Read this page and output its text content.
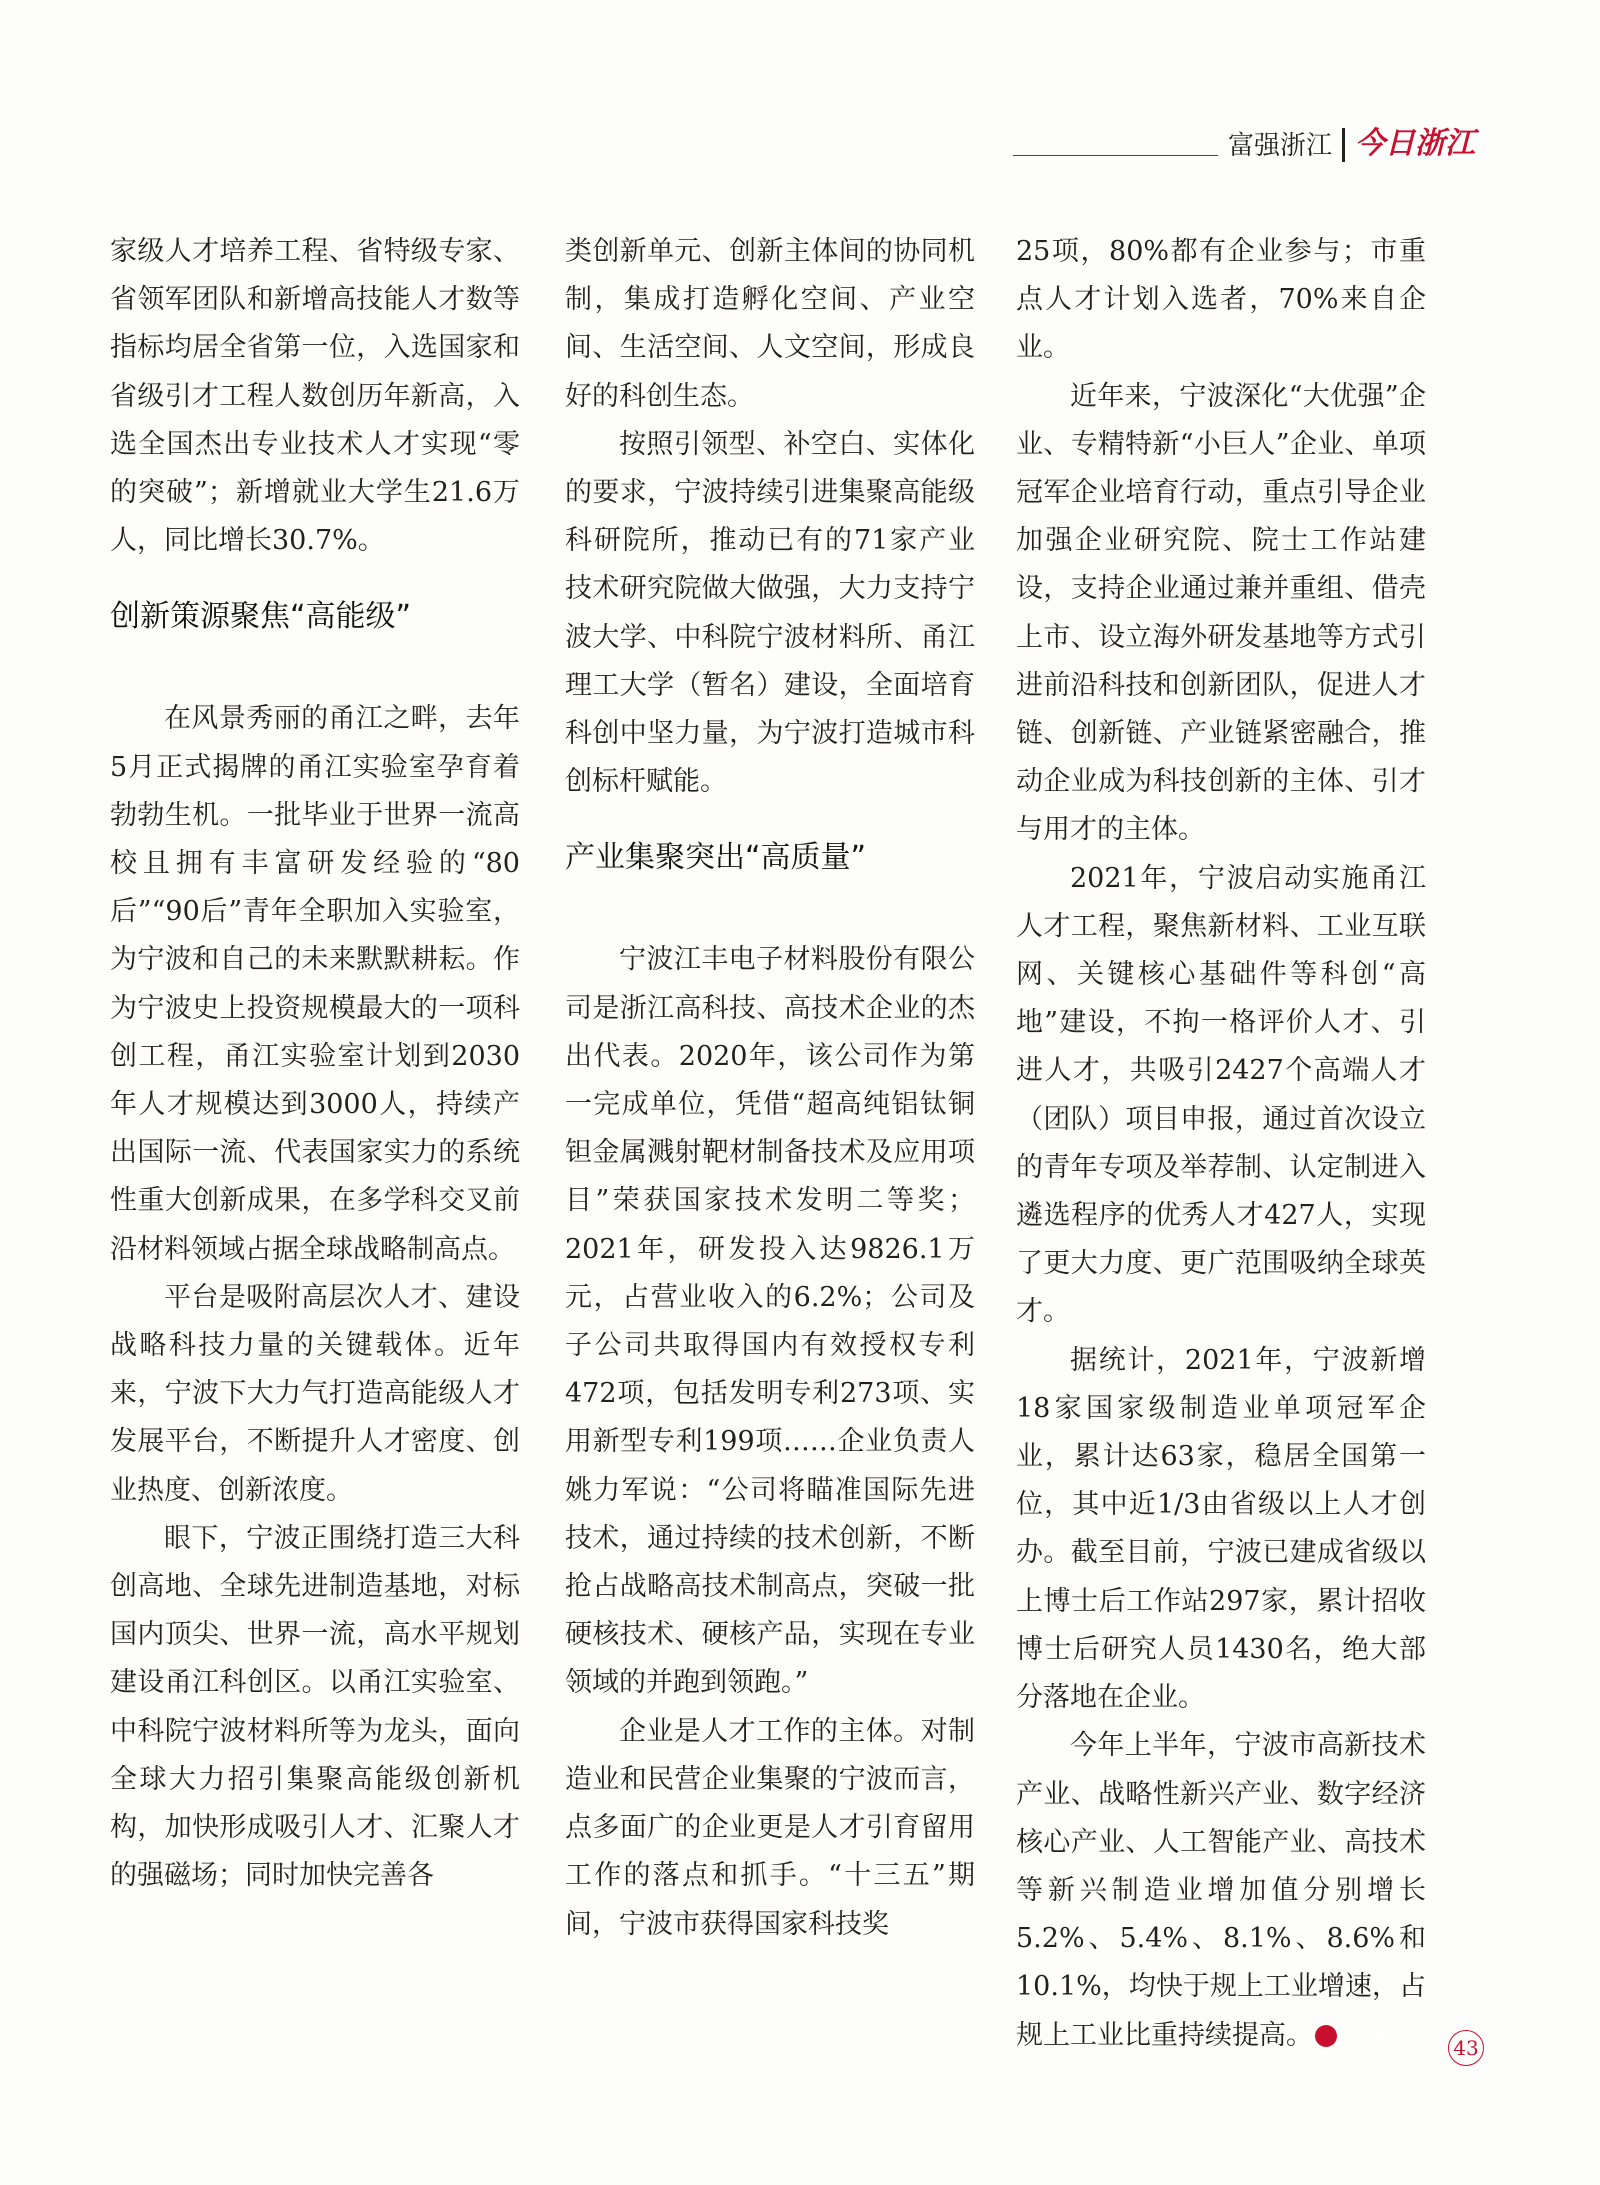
富强浙江 今日浙江

家级人才培养工程、省特级专家、省领军团队和新增高技能人才数等指标均居全省第一位，入选国家和省级引才工程人数创历年新高，入选全国杰出专业技术人才实现“零的突破”；新增就业大学生21.6万人，同比增长30.7%。

创新策源聚焦“高能级”

在风景秀丽的甬江之畔，去年5月正式揭牌的甬江实验室孕育着勃勃生机。一批毕业于世界一流高校且拥有丰富研发经验的“80后”“90后”青年全职加入实验室，为宁波和自己的未来默默耕耘。作为宁波史上投资规模最大的一项科创工程，甬江实验室计划到2030年人才规模达到3000人，持续产出国际一流、代表国家实力的系统性重大创新成果，在多学科交叉前沿材料领域占据全球战略制高点。

平台是吸附高层次人才、建设战略科技力量的关键载体。近年来，宁波下大力气打造高能级人才发展平台，不断提升人才密度、创业热度、创新浓度。

眼下，宁波正围绕打造三大科创高地、全球先进制造基地，对标国内顶尖、世界一流，高水平规划建设甬江科创区。以甬江实验室、中科院宁波材料所等为龙头，面向全球大力招引集聚高能级创新机构，加快形成吸引人才、汇聚人才的强磁场；同时加快完善各

类创新单元、创新主体间的协同机制，集成打造孵化空间、产业空间、生活空间、人文空间，形成良好的科创生态。

按照引领型、补空白、实体化的要求，宁波持续引进集聚高能级科研院所，推动已有的71家产业技术研究院做大做强，大力支持宁波大学、中科院宁波材料所、甬江理工大学（暂名）建设，全面培育科创中坚力量，为宁波打造城市科创标杆赋能。

产业集聚突出“高质量”

宁波江丰电子材料股份有限公司是浙江高科技、高技术企业的杰出代表。2020年，该公司作为第一完成单位，凭借“超高纯铝钛铜钽金属溅射靶材制备技术及应用项目”荣获国家技术发明二等奖；2021年，研发投入达9826.1万元，占营业收入的6.2%；公司及子公司共取得国内有效授权专利472项，包括发明专利273项、实用新型专利199项……企业负责人姚力军说：“公司将瞄准国际先进技术，通过持续的技术创新，不断抢占战略高技术制高点，突破一批硬核技术、硬核产品，实现在专业领域的并跑到领跑。”

企业是人才工作的主体。对制造业和民营企业集聚的宁波而言，点多面广的企业更是人才引育留用工作的落点和抓手。“十三五”期间，宁波市获得国家科技奖

25项，80%都有企业参与；市重点人才计划入选者，70%来自企业。

近年来，宁波深化“大优强”企业、专精特新“小巨人”企业、单项冠军企业培育行动，重点引导企业加强企业研究院、院士工作站建设，支持企业通过兼并重组、借壳上市、设立海外研发基地等方式引进前沿科技和创新团队，促进人才链、创新链、产业链紧密融合，推动企业成为科技创新的主体、引才与用才的主体。

2021年，宁波启动实施甬江人才工程，聚焦新材料、工业互联网、关键核心基础件等科创“高地”建设，不拘一格评价人才、引进人才，共吸引2427个高端人才（团队）项目申报，通过首次设立的青年专项及举荐制、认定制进入遴选程序的优秀人才427人，实现了更大力度、更广范围吸纳全球英才。

据统计，2021年，宁波新增18家国家级制造业单项冠军企业，累计达63家，稳居全国第一位，其中近1/3由省级以上人才创办。截至目前，宁波已建成省级以上博士后工作站297家，累计招收博士后研究人员1430名，绝大部分落地在企业。

今年上半年，宁波市高新技术产业、战略性新兴产业、数字经济核心产业、人工智能产业、高技术等新兴制造业增加值分别增长5.2%、5.4%、8.1%、8.6%和10.1%，均快于规上工业增速，占规上工业比重持续提高。	今	43
